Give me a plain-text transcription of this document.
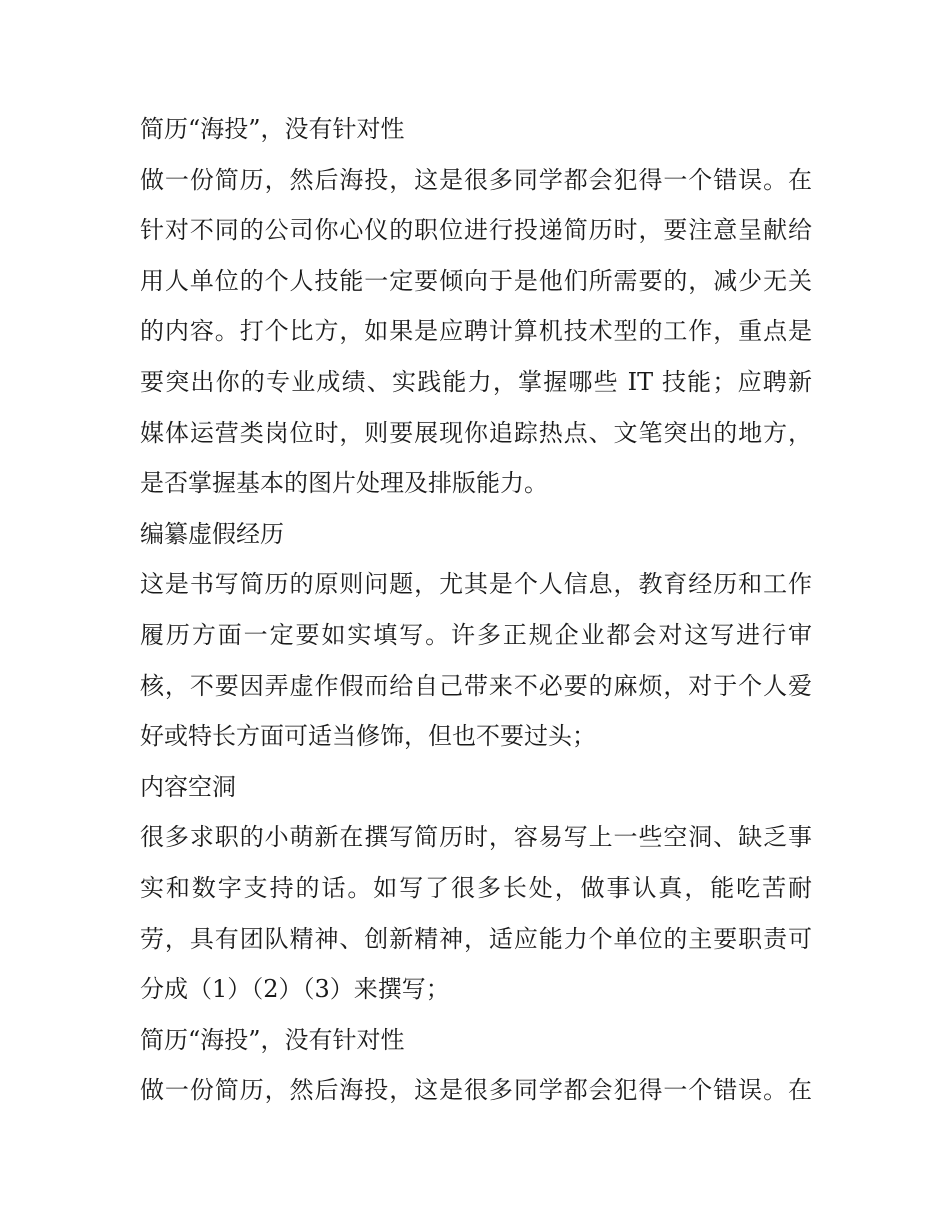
简历“海投”，没有针对性
做一份简历，然后海投，这是很多同学都会犯得一个错误。在
针对不同的公司你心仪的职位进行投递简历时，要注意呈献给
用人单位的个人技能一定要倾向于是他们所需要的，减少无关
的内容。打个比方，如果是应聘计算机技术型的工作，重点是
要突出你的专业成绩、实践能力，掌握哪些 IT 技能；应聘新
媒体运营类岗位时，则要展现你追踪热点、文笔突出的地方，
是否掌握基本的图片处理及排版能力。
编纂虚假经历
这是书写简历的原则问题，尤其是个人信息，教育经历和工作
履历方面一定要如实填写。许多正规企业都会对这写进行审
核，不要因弄虚作假而给自己带来不必要的麻烦，对于个人爱
好或特长方面可适当修饰，但也不要过头；
内容空洞
很多求职的小萌新在撰写简历时，容易写上一些空洞、缺乏事
实和数字支持的话。如写了很多长处，做事认真，能吃苦耐
劳，具有团队精神、创新精神，适应能力个单位的主要职责可
分成（1）（2）（3）来撰写；
简历“海投”，没有针对性
做一份简历，然后海投，这是很多同学都会犯得一个错误。在
